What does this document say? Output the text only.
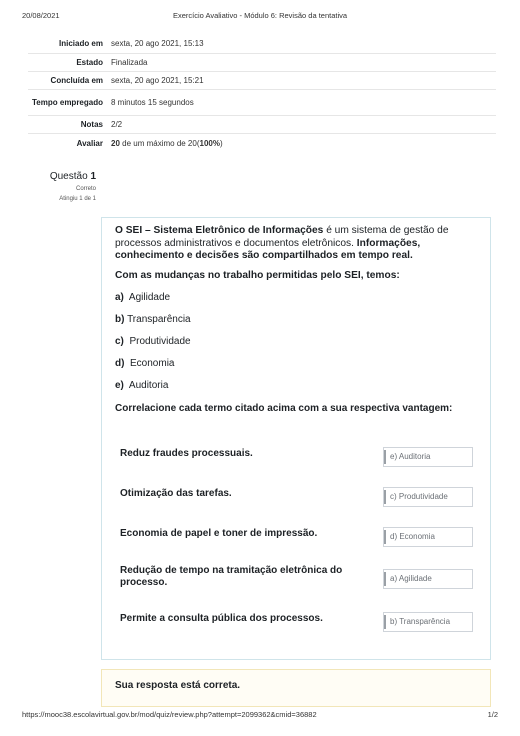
20/08/2021	Exercício Avaliativo - Módulo 6: Revisão da tentativa
Iniciado em	sexta, 20 ago 2021, 15:13
Estado	Finalizada
Concluída em	sexta, 20 ago 2021, 15:21
Tempo empregado	8 minutos 15 segundos
Notas	2/2
Avaliar	20 de um máximo de 20(100%)
Questão 1
Correto
Atingiu 1 de 1
O SEI – Sistema Eletrônico de Informações é um sistema de gestão de processos administrativos e documentos eletrônicos. Informações, conhecimento e decisões são compartilhados em tempo real.
Com as mudanças no trabalho permitidas pelo SEI, temos:
a) Agilidade
b) Transparência
c) Produtividade
d) Economia
e) Auditoria
Correlacione cada termo citado acima com a sua respectiva vantagem:
Reduz fraudes processuais.	e) Auditoria
Otimização das tarefas.	c) Produtividade
Economia de papel e toner de impressão.	d) Economia
Redução de tempo na tramitação eletrônica do processo.	a) Agilidade
Permite a consulta pública dos processos.	b) Transparência
Sua resposta está correta.
https://mooc38.escolavirtual.gov.br/mod/quiz/review.php?attempt=2099362&cmid=36882	1/2
